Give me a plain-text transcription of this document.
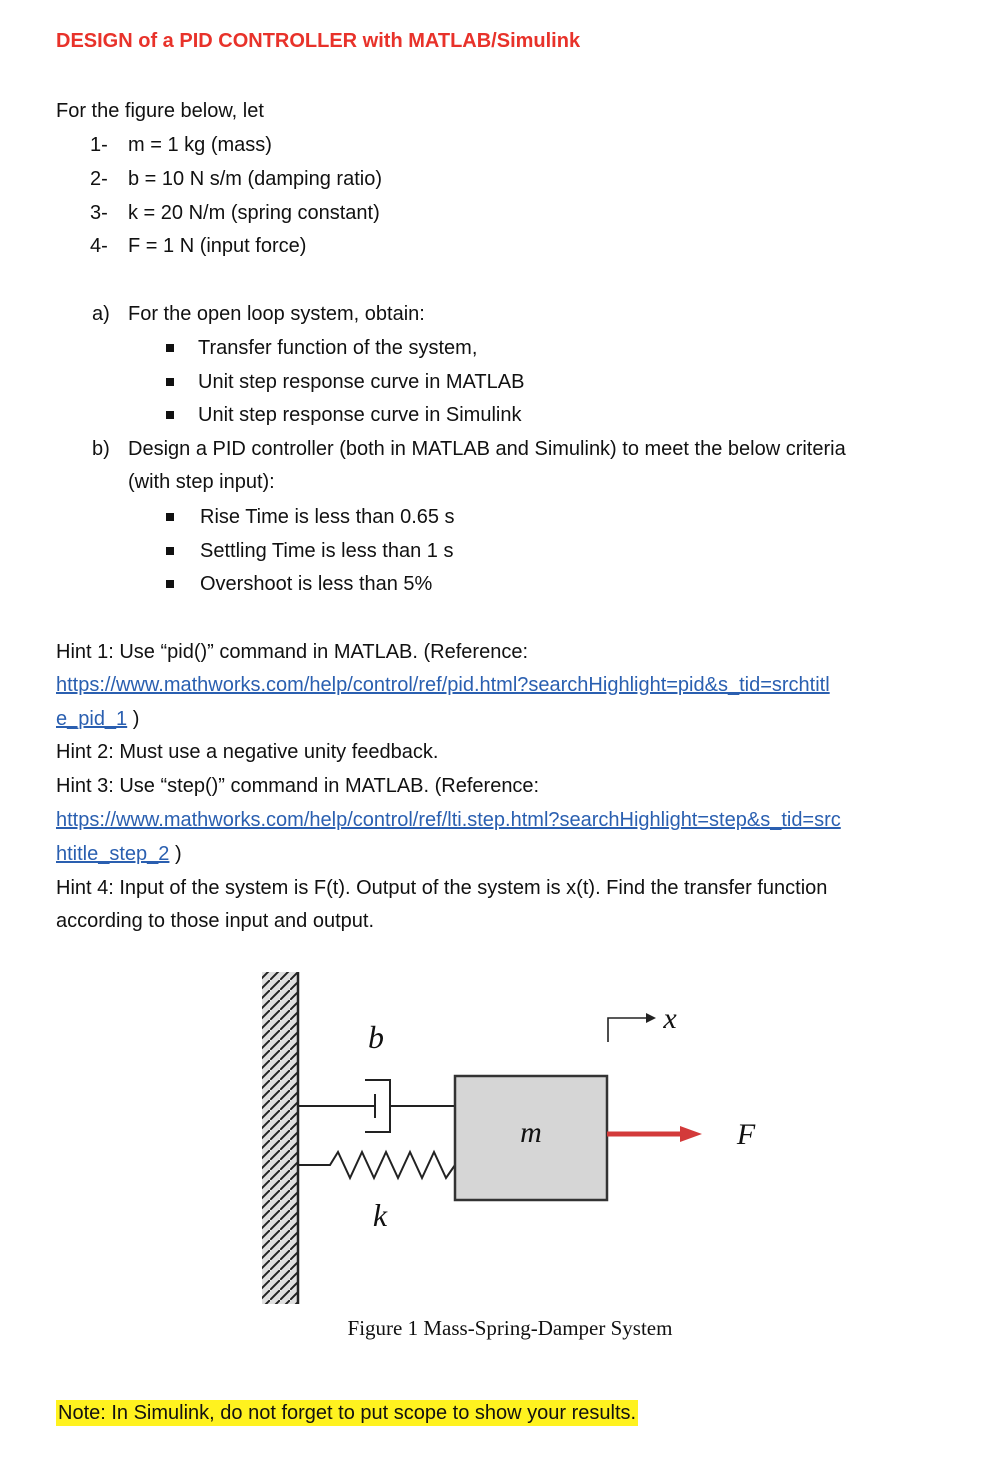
DESIGN of a PID CONTROLLER with MATLAB/Simulink
For the figure below, let
1- m = 1 kg (mass)
2- b = 10 N s/m (damping ratio)
3- k = 20 N/m (spring constant)
4- F = 1 N (input force)
a) For the open loop system, obtain:
Transfer function of the system,
Unit step response curve in MATLAB
Unit step response curve in Simulink
b) Design a PID controller (both in MATLAB and Simulink) to meet the below criteria
(with step input):
Rise Time is less than 0.65 s
Settling Time is less than 1 s
Overshoot is less than 5%
Hint 1: Use “pid()” command in MATLAB. (Reference:
https://www.mathworks.com/help/control/ref/pid.html?searchHighlight=pid&s_tid=srchtitl
e_pid_1 )
Hint 2: Must use a negative unity feedback.
Hint 3: Use “step()” command in MATLAB. (Reference:
https://www.mathworks.com/help/control/ref/lti.step.html?searchHighlight=step&s_tid=src
htitle_step_2 )
Hint 4: Input of the system is F(t). Output of the system is x(t). Find the transfer function
according to those input and output.
b
k
m
x
F
Figure 1 Mass-Spring-Damper System
Note: In Simulink, do not forget to put scope to show your results.
